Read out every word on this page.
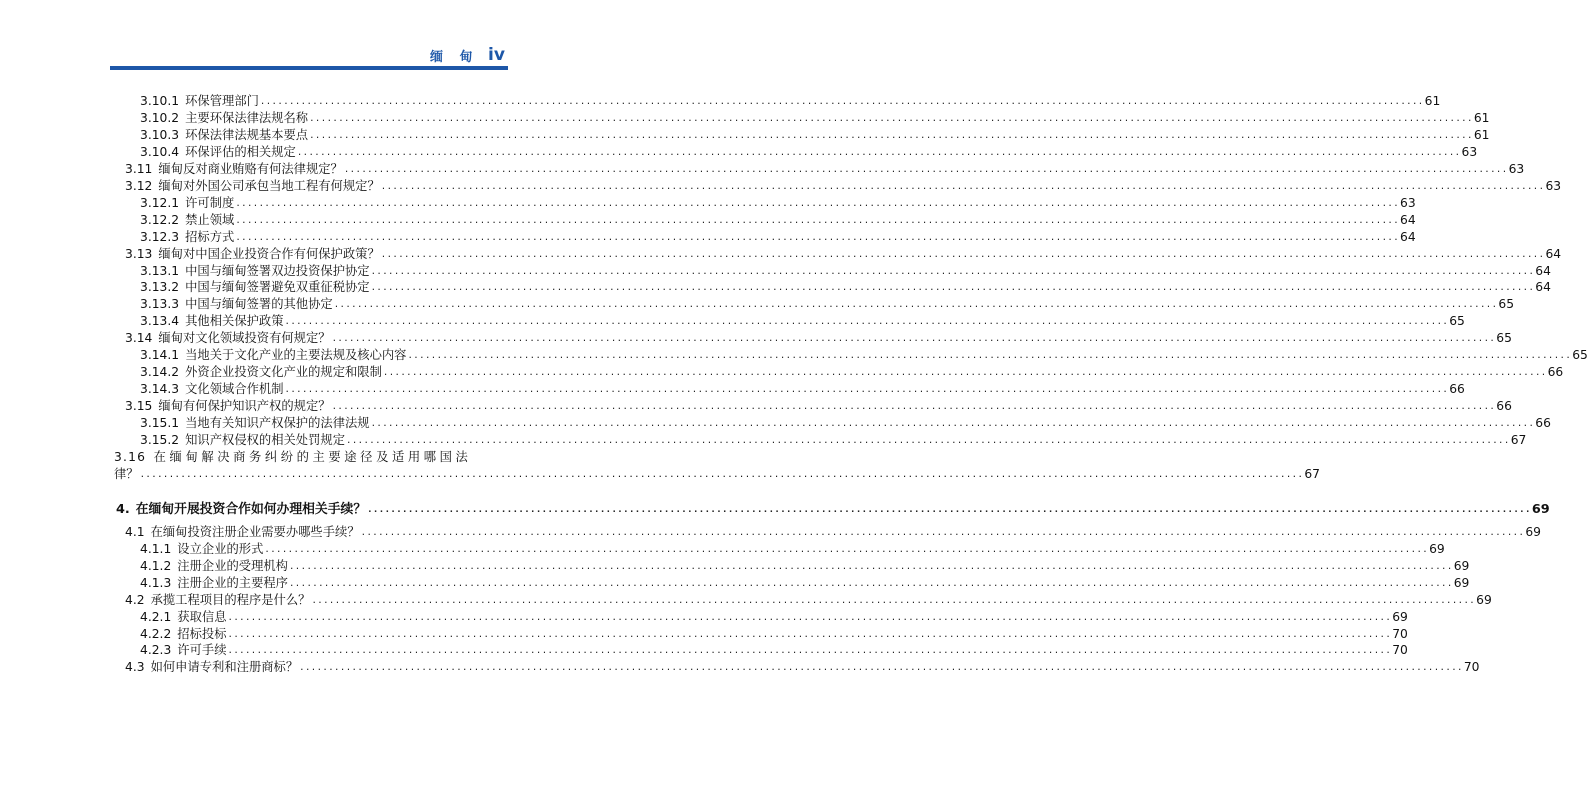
缅 甸 iv
3.10.1 环保管理部门 ........................................................................................................................................................................................................ 61
3.10.2 主要环保法律法规名称 ........................................................................................................................................................................................................ 61
3.10.3 环保法律法规基本要点 ........................................................................................................................................................................................................ 61
3.10.4 环保评估的相关规定 ........................................................................................................................................................................................................ 63
3.11 缅甸反对商业贿赂有何法律规定？ ........................................................................................................................................................................................................ 63
3.12 缅甸对外国公司承包当地工程有何规定？ ........................................................................................................................................................................................................ 63
3.12.1 许可制度 ........................................................................................................................................................................................................ 63
3.12.2 禁止领域 ........................................................................................................................................................................................................ 64
3.12.3 招标方式 ........................................................................................................................................................................................................ 64
3.13 缅甸对中国企业投资合作有何保护政策？ ........................................................................................................................................................................................................ 64
3.13.1 中国与缅甸签署双边投资保护协定 ........................................................................................................................................................................................................ 64
3.13.2 中国与缅甸签署避免双重征税协定 ........................................................................................................................................................................................................ 64
3.13.3 中国与缅甸签署的其他协定 ........................................................................................................................................................................................................ 65
3.13.4 其他相关保护政策 ........................................................................................................................................................................................................ 65
3.14 缅甸对文化领域投资有何规定？ ........................................................................................................................................................................................................ 65
3.14.1 当地关于文化产业的主要法规及核心内容 ........................................................................................................................................................................................................ 65
3.14.2 外资企业投资文化产业的规定和限制 ........................................................................................................................................................................................................ 66
3.14.3 文化领域合作机制 ........................................................................................................................................................................................................ 66
3.15 缅甸有何保护知识产权的规定？ ........................................................................................................................................................................................................ 66
3.15.1 当地有关知识产权保护的法律法规 ........................................................................................................................................................................................................ 66
3.15.2 知识产权侵权的相关处罚规定 ........................................................................................................................................................................................................ 67
3.16 在缅甸解决商务纠纷的主要途径及适用哪国法
律？ ........................................................................................................................................................................................................ 67
4. 在缅甸开展投资合作如何办理相关手续？ ........................................................................................................................................................................................................ 69
4.1 在缅甸投资注册企业需要办哪些手续？ ........................................................................................................................................................................................................ 69
4.1.1 设立企业的形式 ........................................................................................................................................................................................................ 69
4.1.2 注册企业的受理机构 ........................................................................................................................................................................................................ 69
4.1.3 注册企业的主要程序 ........................................................................................................................................................................................................ 69
4.2 承揽工程项目的程序是什么？ ........................................................................................................................................................................................................ 69
4.2.1 获取信息 ........................................................................................................................................................................................................ 69
4.2.2 招标投标 ........................................................................................................................................................................................................ 70
4.2.3 许可手续 ........................................................................................................................................................................................................ 70
4.3 如何申请专利和注册商标？ ........................................................................................................................................................................................................ 70
